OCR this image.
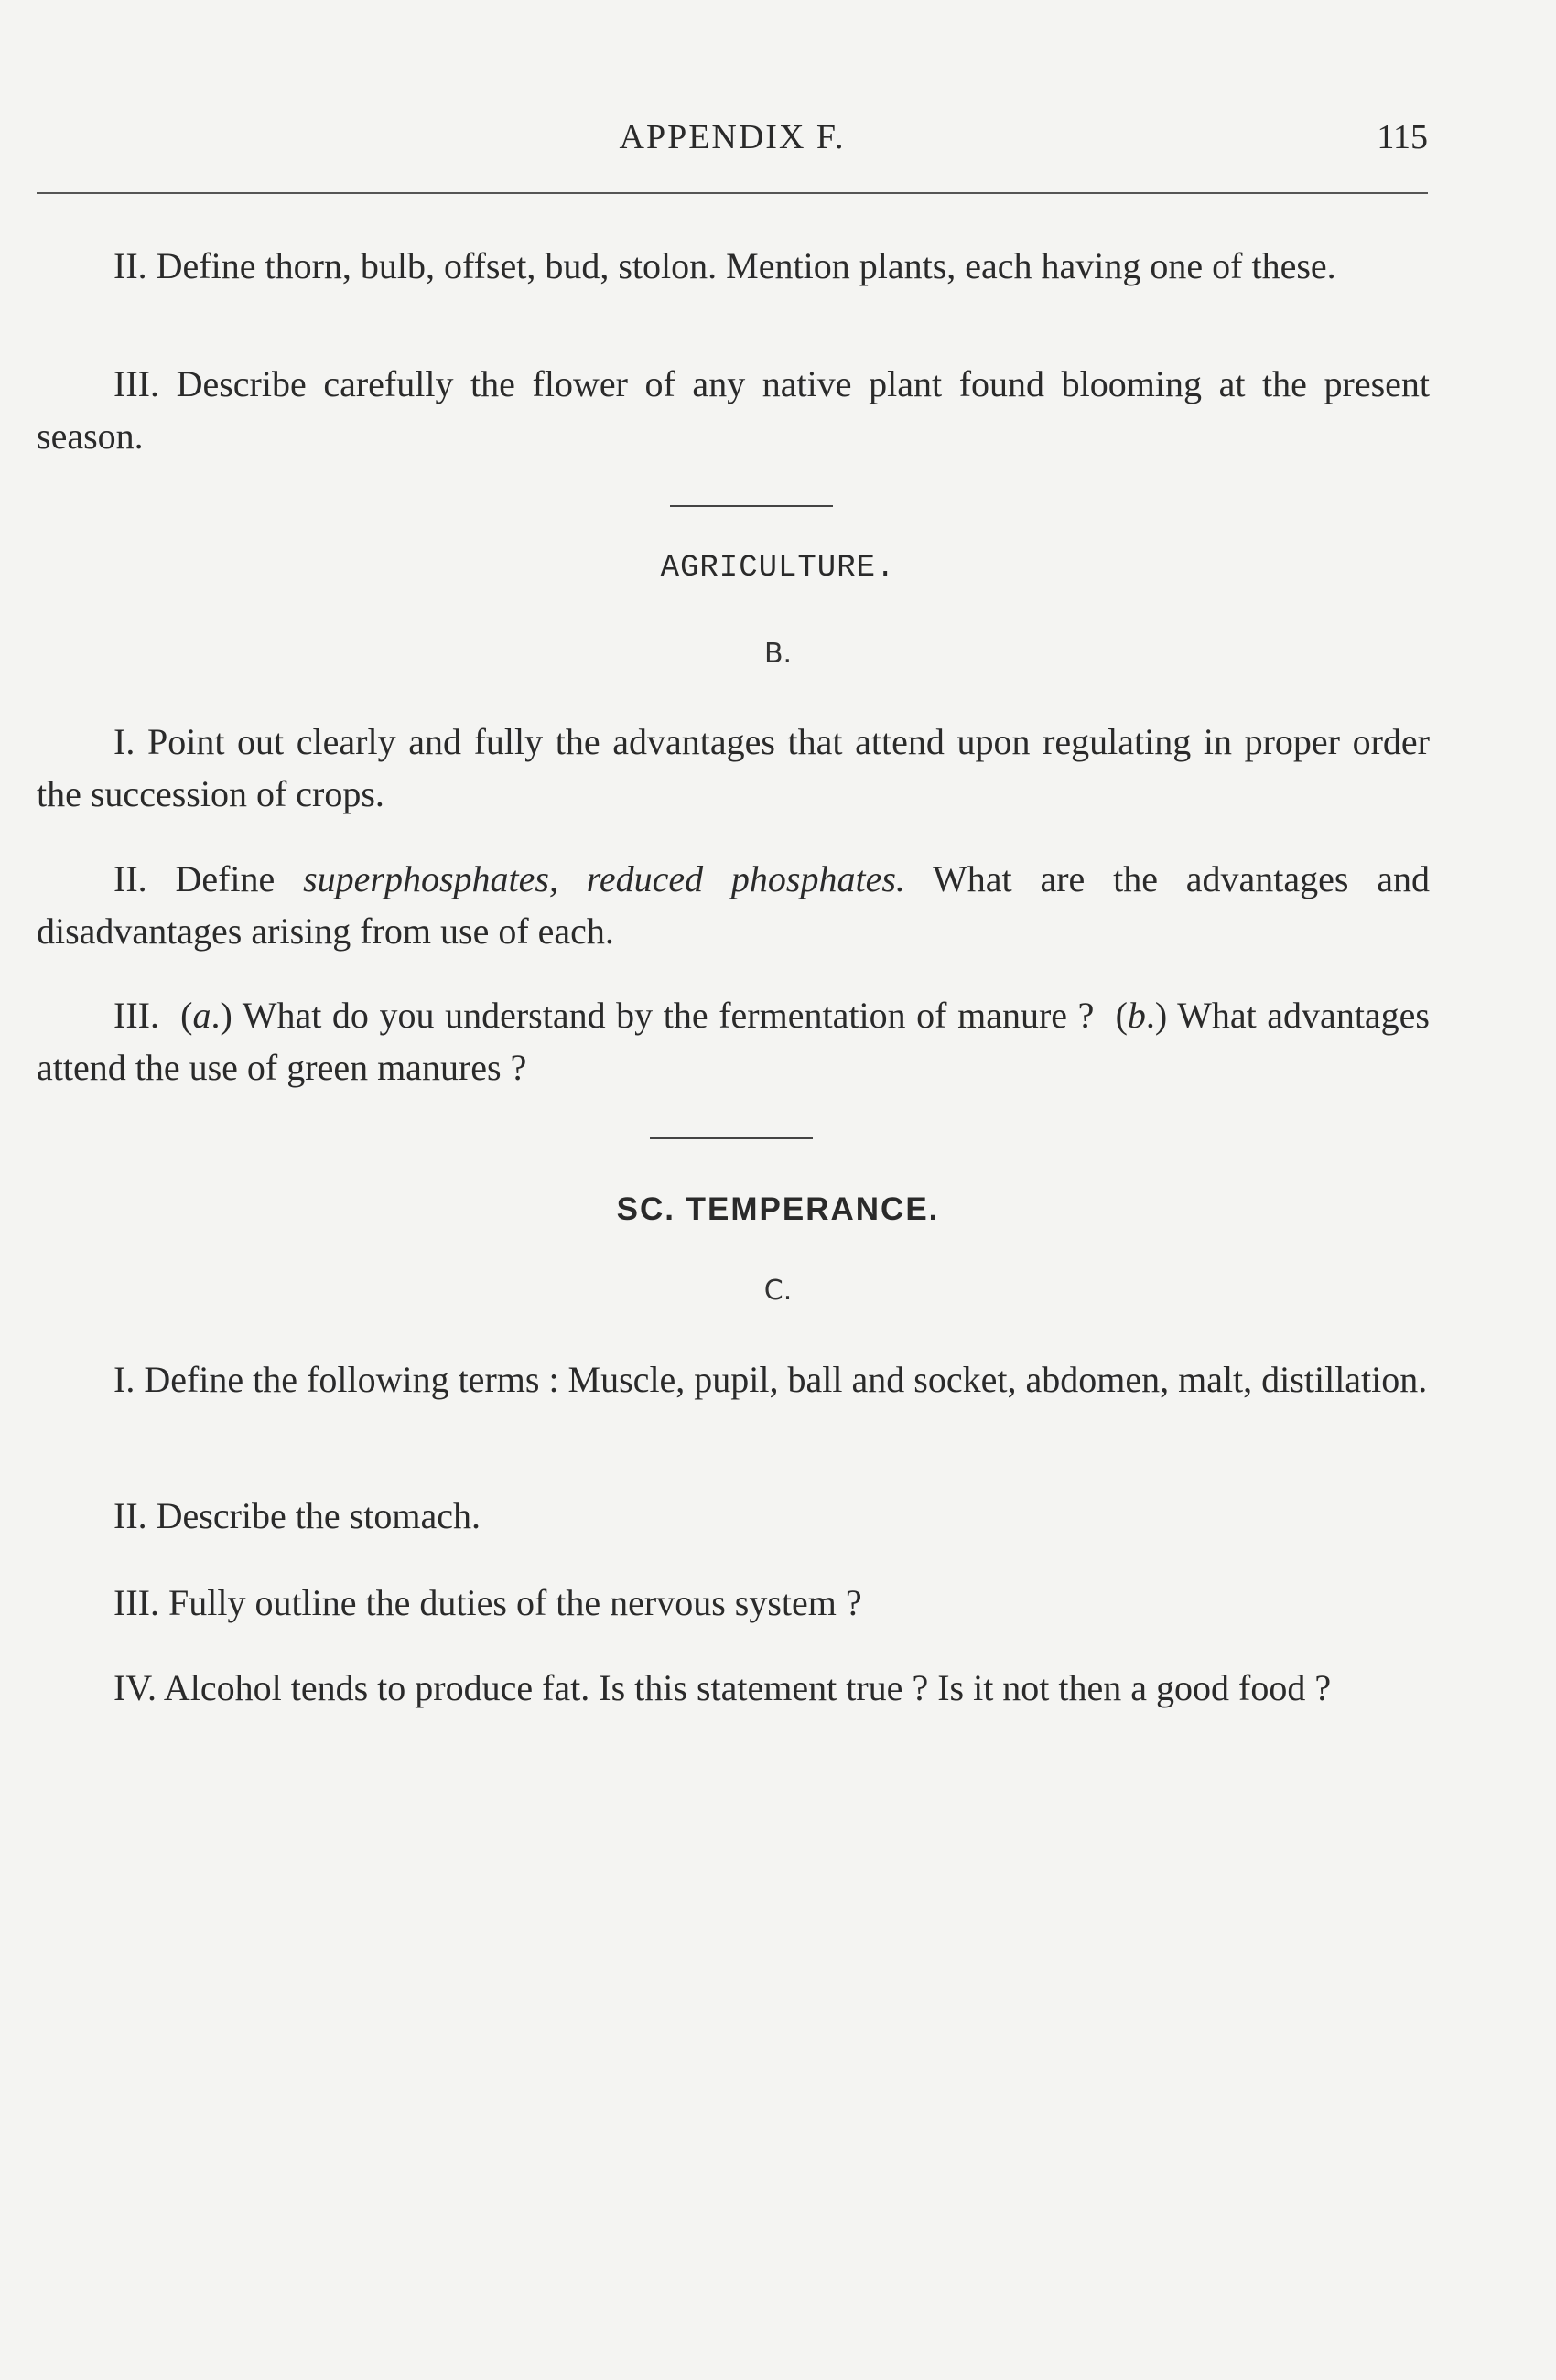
APPENDIX F.	115

II. Define thorn, bulb, offset, bud, stolon. Mention plants, each having one of these.

III. Describe carefully the flower of any native plant found blooming at the present season.

AGRICULTURE.
B.

I. Point out clearly and fully the advantages that attend upon regulating in proper order the succession of crops.

II. Define superphosphates, reduced phosphates. What are the advantages and disadvantages arising from use of each.

III. (a.) What do you understand by the fermentation of manure ? (b.) What advantages attend the use of green manures ?

SC. TEMPERANCE.
C.

I. Define the following terms : Muscle, pupil, ball and socket, abdomen, malt, distillation.

II. Describe the stomach.

III. Fully outline the duties of the nervous system ?

IV. Alcohol tends to produce fat. Is this statement true ? Is it not then a good food ?
